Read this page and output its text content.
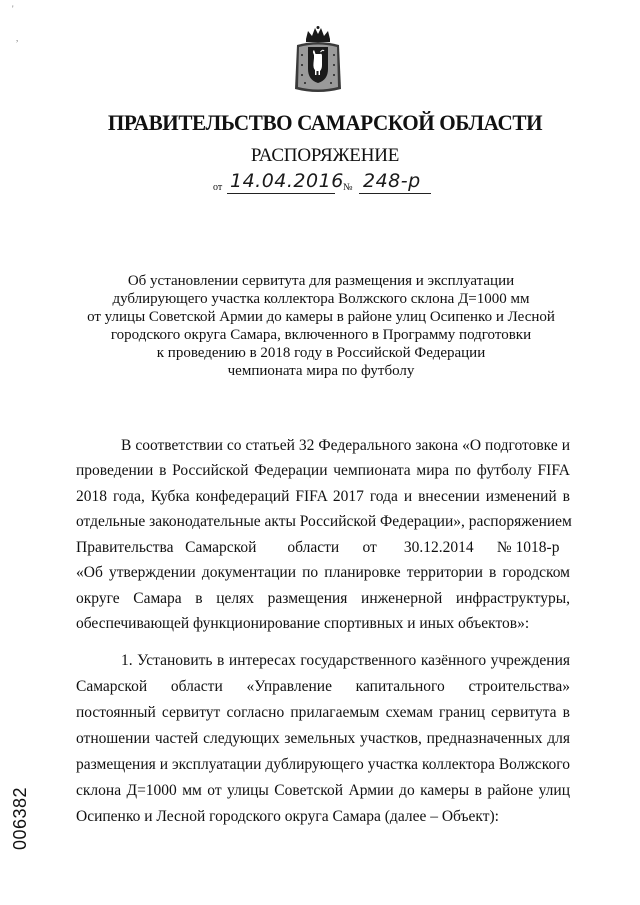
'
,
ПРАВИТЕЛЬСТВО САМАРСКОЙ ОБЛАСТИ
РАСПОРЯЖЕНИЕ
от 14.04.2016 № 248-р
Об установлении сервитута для размещения и эксплуатации
дублирующего участка коллектора Волжского склона Д=1000 мм
от улицы Советской Армии до камеры в районе улиц Осипенко и Лесной
городского округа Самара, включенного в Программу подготовки
к проведению в 2018 году в Российской Федерации
чемпионата мира по футболу
В соответствии со статьей 32 Федерального закона «О подготовке и
проведении в Российской Федерации чемпионата мира по футболу FIFA
2018 года, Кубка конфедераций FIFA 2017 года и внесении изменений в
отдельные законодательные акты Российской Федерации», распоряжением
Правительства   Самарской        области      от       30.12.2014      № 1018-р
«Об утверждении документации по планировке территории в городском
округе Самара в целях размещения инженерной инфраструктуры,
обеспечивающей функционирование спортивных и иных объектов»:
1. Установить в интересах государственного казённого учреждения
Самарской области «Управление капитального строительства»
постоянный сервитут согласно прилагаемым схемам границ сервитута в
отношении частей следующих земельных участков, предназначенных для
размещения и эксплуатации дублирующего участка коллектора Волжского
склона Д=1000 мм от улицы Советской Армии до камеры в районе улиц
Осипенко и Лесной городского округа Самара (далее – Объект):
006382
